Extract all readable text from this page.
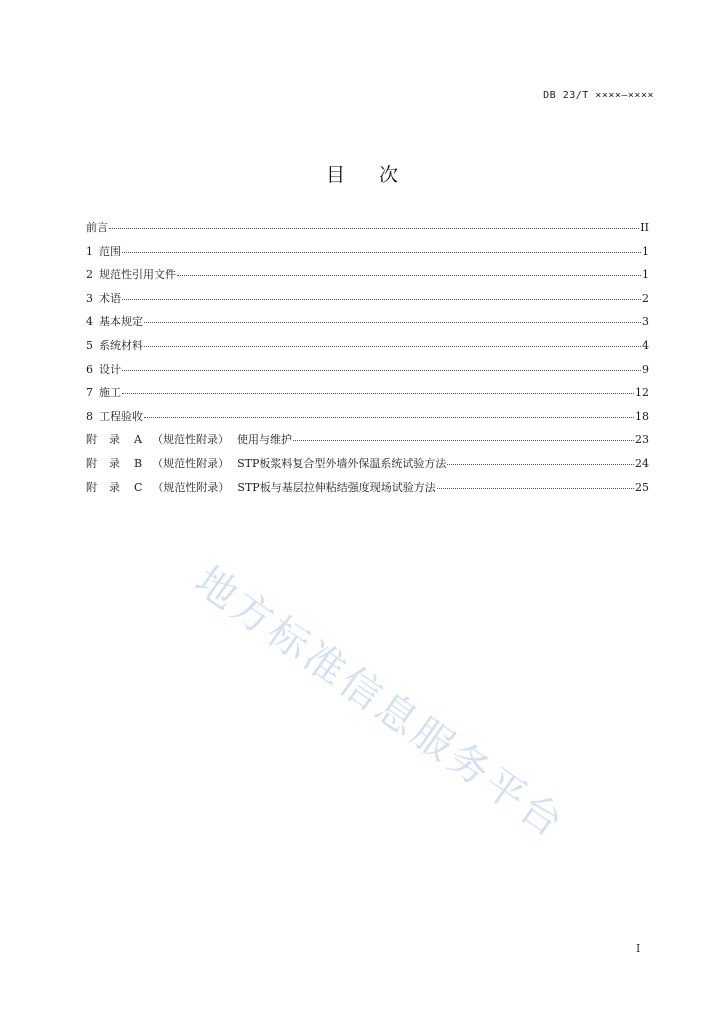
DB 23/T ××××—××××
目 次
前言	II
1 范围	1
2 规范性引用文件	1
3 术语	2
4 基本规定	3
5 系统材料	4
6 设计	9
7 施工	12
8 工程验收	18
附 录 A （规范性附录） 使用与维护	23
附 录 B （规范性附录） STP板浆料复合型外墙外保温系统试验方法	24
附 录 C （规范性附录） STP板与基层拉伸粘结强度现场试验方法	25
地方标准信息服务平台
I
